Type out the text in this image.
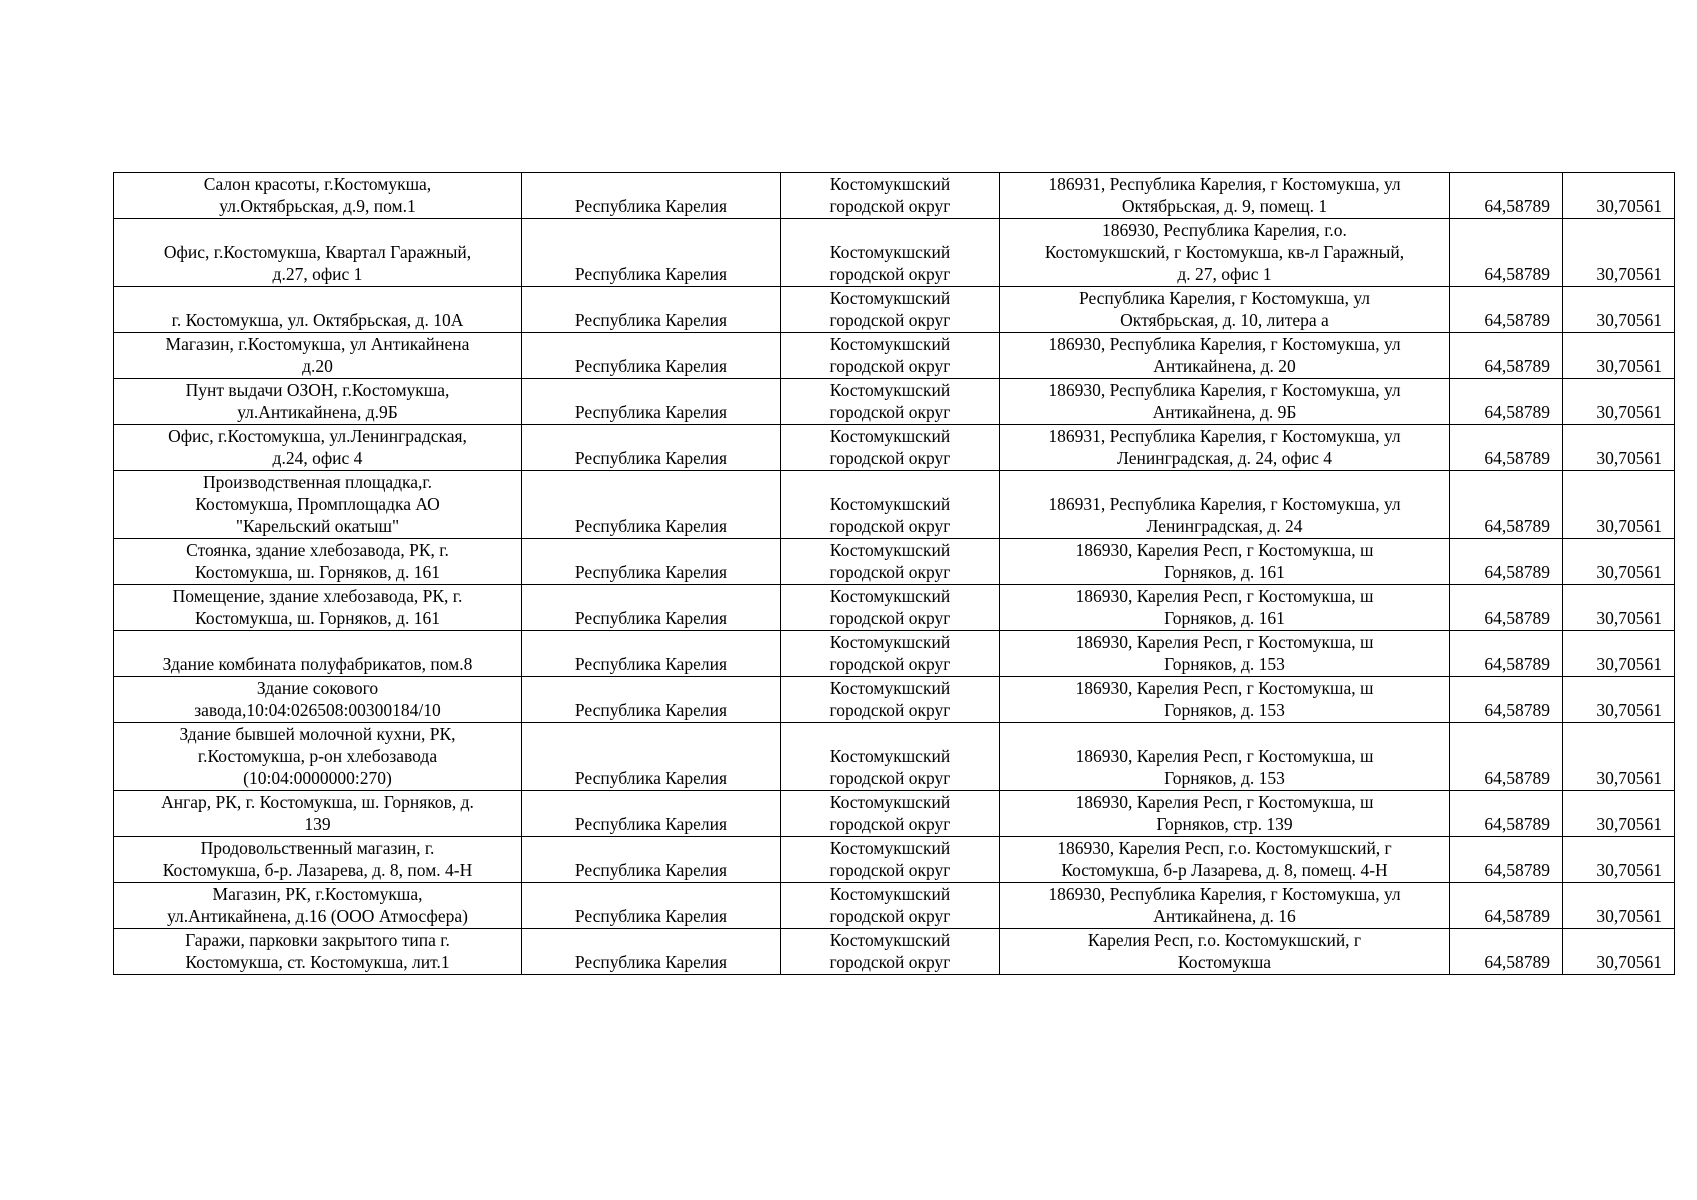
Салон красоты, г.Костомукша,
ул.Октябрьская, д.9, пом.1	Республика Карелия	Костомукшский
городской округ	186931, Республика Карелия, г Костомукша, ул
Октябрьская, д. 9, помещ. 1	64,58789	30,70561

Офис, г.Костомукша, Квартал Гаражный,
д.27, офис 1	Республика Карелия	Костомукшский
городской округ	186930, Республика Карелия, г.о.
Костомукшский, г Костомукша, кв-л Гаражный,
д. 27, офис 1	64,58789	30,70561

г. Костомукша, ул. Октябрьская, д. 10А	Республика Карелия	Костомукшский
городской округ	Республика Карелия, г Костомукша, ул
Октябрьская, д. 10, литера а	64,58789	30,70561

Магазин, г.Костомукша, ул Антикайнена
д.20	Республика Карелия	Костомукшский
городской округ	186930, Республика Карелия, г Костомукша, ул
Антикайнена, д. 20	64,58789	30,70561

Пунт выдачи ОЗОН, г.Костомукша,
ул.Антикайнена, д.9Б	Республика Карелия	Костомукшский
городской округ	186930, Республика Карелия, г Костомукша, ул
Антикайнена, д. 9Б	64,58789	30,70561

Офис, г.Костомукша, ул.Ленинградская,
д.24, офис 4	Республика Карелия	Костомукшский
городской округ	186931, Республика Карелия, г Костомукша, ул
Ленинградская, д. 24, офис 4	64,58789	30,70561

Производственная площадка,г.
Костомукша, Промплощадка АО
"Карельский окатыш"	Республика Карелия	Костомукшский
городской округ	186931, Республика Карелия, г Костомукша, ул
Ленинградская, д. 24	64,58789	30,70561

Стоянка, здание хлебозавода, РК, г.
Костомукша, ш. Горняков, д. 161	Республика Карелия	Костомукшский
городской округ	186930, Карелия Респ, г Костомукша, ш
Горняков, д. 161	64,58789	30,70561

Помещение, здание хлебозавода, РК, г.
Костомукша, ш. Горняков, д. 161	Республика Карелия	Костомукшский
городской округ	186930, Карелия Респ, г Костомукша, ш
Горняков, д. 161	64,58789	30,70561

Здание комбината полуфабрикатов, пом.8	Республика Карелия	Костомукшский
городской округ	186930, Карелия Респ, г Костомукша, ш
Горняков, д. 153	64,58789	30,70561

Здание сокового
завода,10:04:026508:00300184/10	Республика Карелия	Костомукшский
городской округ	186930, Карелия Респ, г Костомукша, ш
Горняков, д. 153	64,58789	30,70561

Здание бывшей молочной кухни, РК,
г.Костомукша, р-он хлебозавода
(10:04:0000000:270)	Республика Карелия	Костомукшский
городской округ	186930, Карелия Респ, г Костомукша, ш
Горняков, д. 153	64,58789	30,70561

Ангар, РК, г. Костомукша, ш. Горняков, д.
139	Республика Карелия	Костомукшский
городской округ	186930, Карелия Респ, г Костомукша, ш
Горняков, стр. 139	64,58789	30,70561

Продовольственный магазин, г.
Костомукша, б-р. Лазарева, д. 8, пом. 4-Н	Республика Карелия	Костомукшский
городской округ	186930, Карелия Респ, г.о. Костомукшский, г
Костомукша, б-р Лазарева, д. 8, помещ. 4-Н	64,58789	30,70561

Магазин, РК, г.Костомукша,
ул.Антикайнена, д.16 (ООО Атмосфера)	Республика Карелия	Костомукшский
городской округ	186930, Республика Карелия, г Костомукша, ул
Антикайнена, д. 16	64,58789	30,70561

Гаражи, парковки закрытого типа г.
Костомукша, ст. Костомукша, лит.1	Республика Карелия	Костомукшский
городской округ	Карелия Респ, г.о. Костомукшский, г
Костомукша	64,58789	30,70561
